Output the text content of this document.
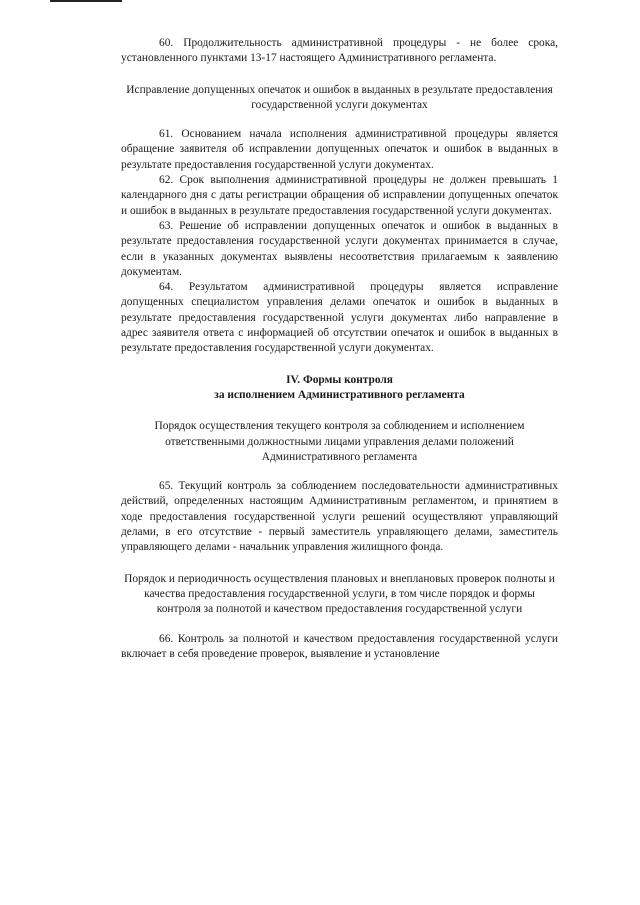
60. Продолжительность административной процедуры - не более срока, установленного пунктами 13-17 настоящего Административного регламента.

Исправление допущенных опечаток и ошибок в выданных в результате предоставления государственной услуги документах

61. Основанием начала исполнения административной процедуры является обращение заявителя об исправлении допущенных опечаток и ошибок в выданных в результате предоставления государственной услуги документах.

62. Срок выполнения административной процедуры не должен превышать 1 календарного дня с даты регистрации обращения об исправлении допущенных опечаток и ошибок в выданных в результате предоставления государственной услуги документах.

63. Решение об исправлении допущенных опечаток и ошибок в выданных в результате предоставления государственной услуги документах принимается в случае, если в указанных документах выявлены несоответствия прилагаемым к заявлению документам.

64. Результатом административной процедуры является исправление допущенных специалистом управления делами опечаток и ошибок в выданных в результате предоставления государственной услуги документах либо направление в адрес заявителя ответа с информацией об отсутствии опечаток и ошибок в выданных в результате предоставления государственной услуги документах.

IV. Формы контроля

за исполнением Административного регламента

Порядок осуществления текущего контроля за соблюдением и исполнением ответственными должностными лицами управления делами положений Административного регламента

65. Текущий контроль за соблюдением последовательности административных действий, определенных настоящим Административным регламентом, и принятием в ходе предоставления государственной услуги решений осуществляют управляющий делами, в его отсутствие - первый заместитель управляющего делами, заместитель управляющего делами - начальник управления жилищного фонда.

Порядок и периодичность осуществления плановых и внеплановых проверок полноты и качества предоставления государственной услуги, в том числе порядок и формы контроля за полнотой и качеством предоставления государственной услуги

66. Контроль за полнотой и качеством предоставления государственной услуги включает в себя проведение проверок, выявление и установление
